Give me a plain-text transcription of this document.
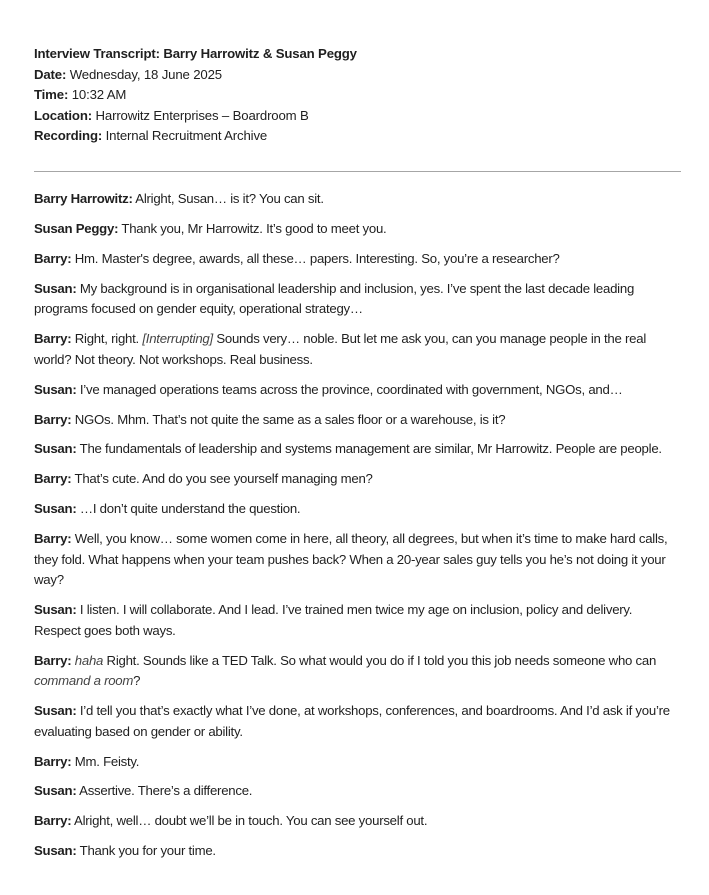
Interview Transcript: Barry Harrowitz & Susan Peggy
Date: Wednesday, 18 June 2025
Time: 10:32 AM
Location: Harrowitz Enterprises – Boardroom B
Recording: Internal Recruitment Archive

Barry Harrowitz: Alright, Susan… is it? You can sit.

Susan Peggy: Thank you, Mr Harrowitz. It’s good to meet you.

Barry: Hm. Master's degree, awards, all these… papers. Interesting. So, you’re a researcher?

Susan: My background is in organisational leadership and inclusion, yes. I’ve spent the last decade leading programs focused on gender equity, operational strategy…

Barry: Right, right. [Interrupting] Sounds very… noble. But let me ask you, can you manage people in the real world? Not theory. Not workshops. Real business.

Susan: I’ve managed operations teams across the province, coordinated with government, NGOs, and…

Barry: NGOs. Mhm. That’s not quite the same as a sales floor or a warehouse, is it?

Susan: The fundamentals of leadership and systems management are similar, Mr Harrowitz. People are people.

Barry: That’s cute. And do you see yourself managing men?

Susan: …I don’t quite understand the question.

Barry: Well, you know… some women come in here, all theory, all degrees, but when it’s time to make hard calls, they fold. What happens when your team pushes back? When a 20-year sales guy tells you he’s not doing it your way?

Susan: I listen. I will collaborate. And I lead. I’ve trained men twice my age on inclusion, policy and delivery. Respect goes both ways.

Barry: haha Right. Sounds like a TED Talk. So what would you do if I told you this job needs someone who can command a room?

Susan: I’d tell you that’s exactly what I’ve done, at workshops, conferences, and boardrooms. And I’d ask if you’re evaluating based on gender or ability.

Barry: Mm. Feisty.

Susan: Assertive. There’s a difference.

Barry: Alright, well… doubt we’ll be in touch. You can see yourself out.

Susan: Thank you for your time.
